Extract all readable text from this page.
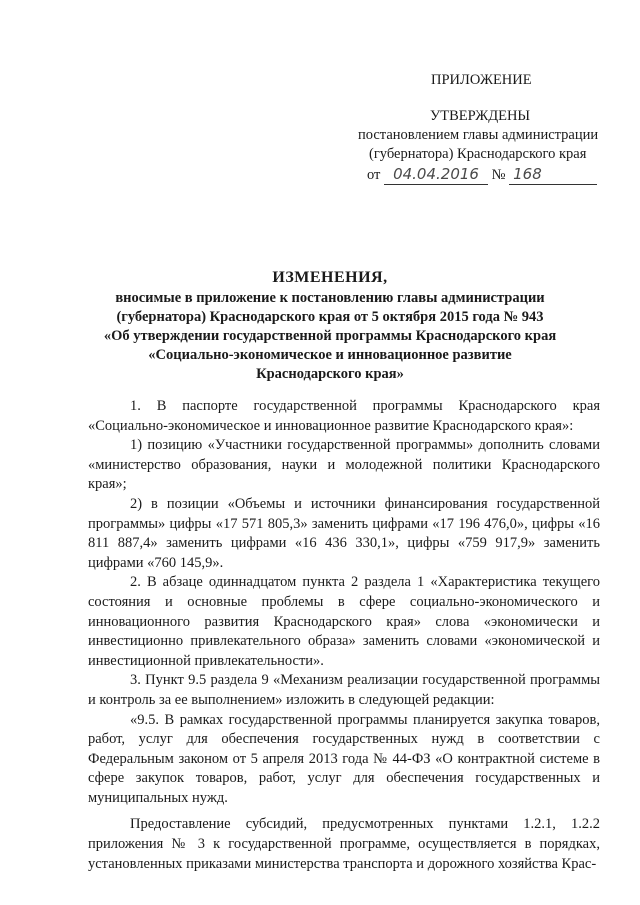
ПРИЛОЖЕНИЕ
УТВЕРЖДЕНЫ
постановлением главы администрации
(губернатора) Краснодарского края
от 04.04.2016 № 168
ИЗМЕНЕНИЯ,
вносимые в приложение к постановлению главы администрации
(губернатора) Краснодарского края от 5 октября 2015 года № 943
«Об утверждении государственной программы Краснодарского края
«Социально-экономическое и инновационное развитие
Краснодарского края»

1. В паспорте государственной программы Краснодарского края «Социально-экономическое и инновационное развитие Краснодарского края»:

1) позицию «Участники государственной программы» дополнить словами «министерство образования, науки и молодежной политики Краснодарского края»;

2) в позиции «Объемы и источники финансирования государственной программы» цифры «17 571 805,3» заменить цифрами «17 196 476,0», цифры «16 811 887,4» заменить цифрами «16 436 330,1», цифры «759 917,9» заменить цифрами «760 145,9».

2. В абзаце одиннадцатом пункта 2 раздела 1 «Характеристика текущего состояния и основные проблемы в сфере социально-экономического и инновационного развития Краснодарского края» слова «экономически и инвестиционно привлекательного образа» заменить словами «экономической и инвестиционной привлекательности».

3. Пункт 9.5 раздела 9 «Механизм реализации государственной программы и контроль за ее выполнением» изложить в следующей редакции:

«9.5. В рамках государственной программы планируется закупка товаров, работ, услуг для обеспечения государственных нужд в соответствии с Федеральным законом от 5 апреля 2013 года № 44-ФЗ «О контрактной системе в сфере закупок товаров, работ, услуг для обеспечения государственных и муниципальных нужд.

Предоставление субсидий, предусмотренных пунктами 1.2.1, 1.2.2 приложения № 3 к государственной программе, осуществляется в порядках, установленных приказами министерства транспорта и дорожного хозяйства Крас-
